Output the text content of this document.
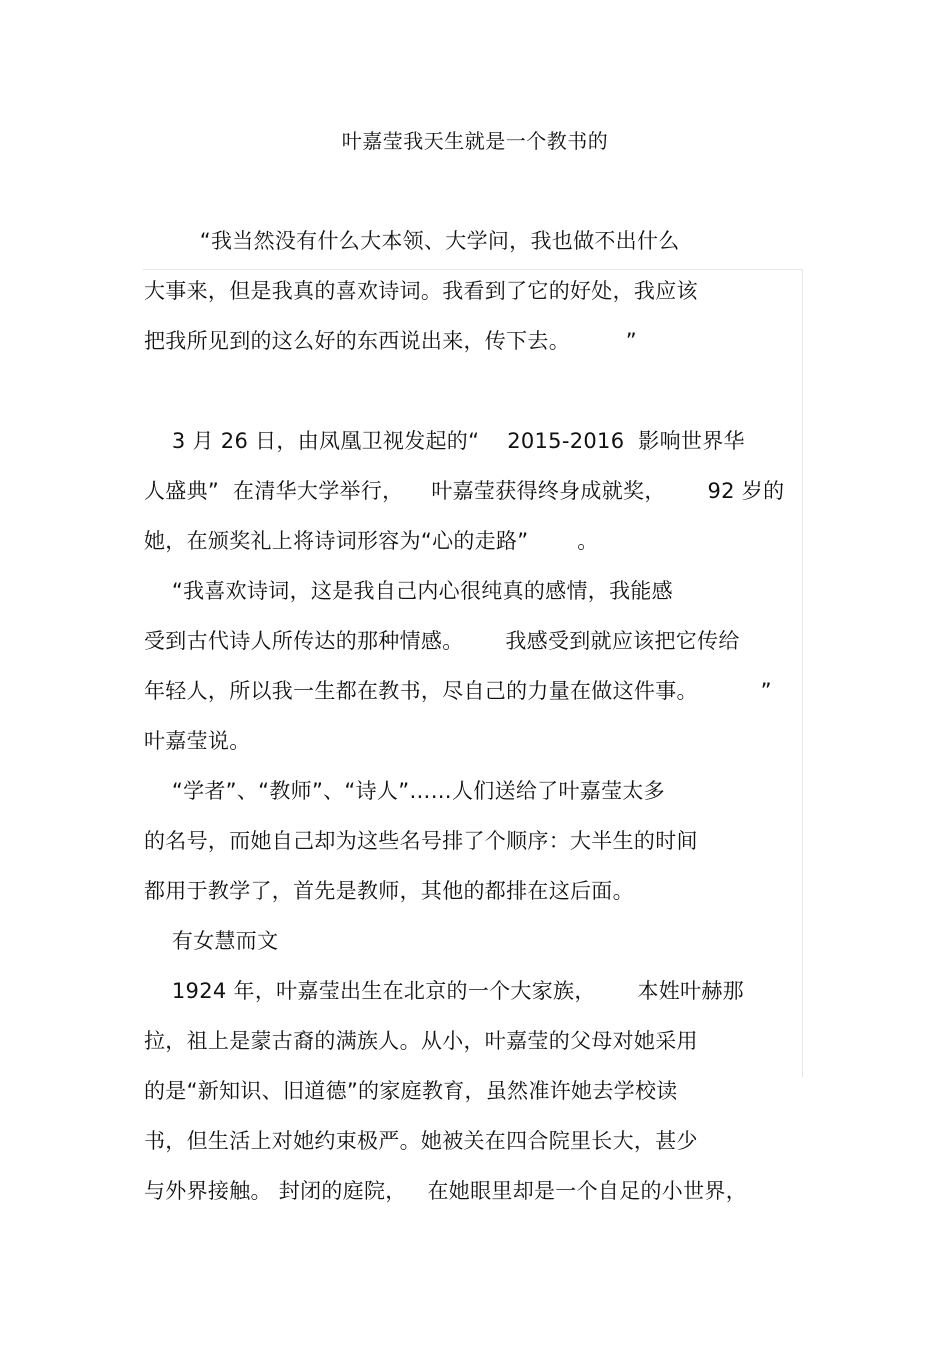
叶嘉莹我天生就是一个教书的
“我当然没有什么大本领、大学问，我也做不出什么
大事来，但是我真的喜欢诗词。我看到了它的好处，我应该
把我所见到的这么好的东西说出来，传下去。        ”
3 月 26 日，由凤凰卫视发起的“    2015-2016  影响世界华
人盛典”  在清华大学举行，    叶嘉莹获得终身成就奖，      92 岁的
她，在颁奖礼上将诗词形容为“心的走路”       。
“我喜欢诗词，这是我自己内心很纯真的感情，我能感
受到古代诗人所传达的那种情感。      我感受到就应该把它传给
年轻人，所以我一生都在教书，尽自己的力量在做这件事。         ”
叶嘉莹说。
“学者”、“教师”、“诗人”……人们送给了叶嘉莹太多
的名号，而她自己却为这些名号排了个顺序：大半生的时间
都用于教学了，首先是教师，其他的都排在这后面。
有女慧而文
1924 年，叶嘉莹出生在北京的一个大家族，      本姓叶赫那
拉，祖上是蒙古裔的满族人。从小，叶嘉莹的父母对她采用
的是“新知识、旧道德”的家庭教育，虽然准许她去学校读
书，但生活上对她约束极严。她被关在四合院里长大，甚少
与外界接触。 封闭的庭院，   在她眼里却是一个自足的小世界，
